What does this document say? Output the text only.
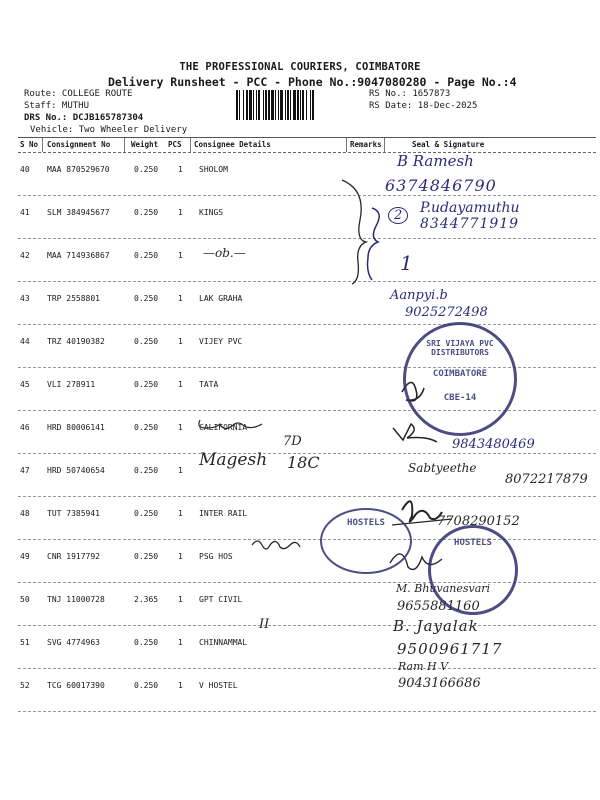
THE PROFESSIONAL COURIERS, COIMBATORE
Delivery Runsheet - PCC - Phone No.:9047080280 - Page No.:4
Route: COLLEGE ROUTE
Staff: MUTHU
DRS No.: DCJB165787304
Vehicle: Two Wheeler Delivery
RS No.: 1657873
RS Date: 18-Dec-2025
S No Consignment No	Weight PCS Consignee Details	Remarks	Seal & Signature
40 MAA 870529670	0.250 1 SHOLOM
41 SLM 384945677	0.250 1 KINGS
42 MAA 714936867	0.250 1
43 TRP 2558801	0.250 1 LAK GRAHA
44 TRZ 40190382	0.250 1 VIJEY PVC
45 VLI 278911	0.250 1 TATA
46 HRD 80006141	0.250 1 CALIFORNIA
47 HRD 50740654	0.250 1
48 TUT 7385941	0.250 1 INTER RAIL
49 CNR 1917792	0.250 1 PSG HOS
50 TNJ 11000728	2.365 1 GPT CIVIL
51 SVG 4774963	0.250 1 CHINNAMMAL
52 TCG 60017390	0.250 1 V HOSTEL
B Ramesh
6374846790
P.udayamuthu
8344771919
2
1
—ob.—
Aanpyi.b
9025272498
7D	9843480469
Magesh 18C	Sabtyeethe
8072217879
7708290152
M. Bhuvanesvari
9655881160
II	B. Jayalak
9500961717
Ram H V
9043166686
SRI VIJAYA PVC DISTRIBUTORS
COIMBATORE
CBE-14
HOSTELS
HOSTELS
